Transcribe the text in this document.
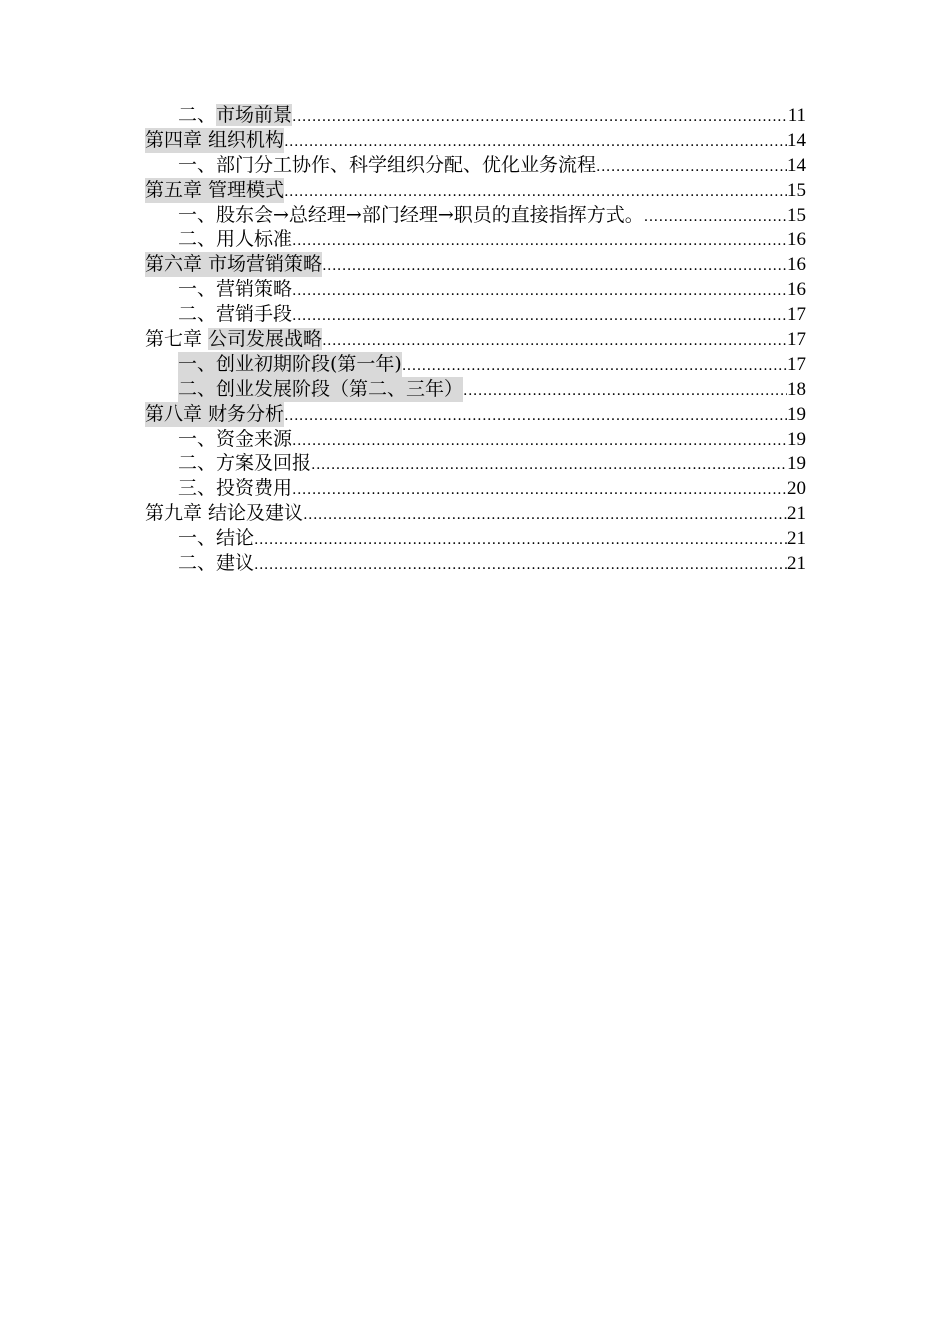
二、市场前景 .....	11
第四章 组织机构 .....	14
一、部门分工协作、科学组织分配、优化业务流程 .....	14
第五章 管理模式 .....	15
一、股东会→总经理→部门经理→职员的直接指挥方式。 .....	15
二、用人标准 .....	16
第六章 市场营销策略 .....	16
一、营销策略 .....	16
二、营销手段 .....	17
第七章 公司发展战略 .....	17
一、创业初期阶段(第一年) .....	17
二、创业发展阶段（第二、三年） .....	18
第八章 财务分析 .....	19
一、资金来源 .....	19
二、方案及回报 .....	19
三、投资费用 .....	20
第九章 结论及建议 .....	21
一、结论 .....	21
二、建议 .....	21
